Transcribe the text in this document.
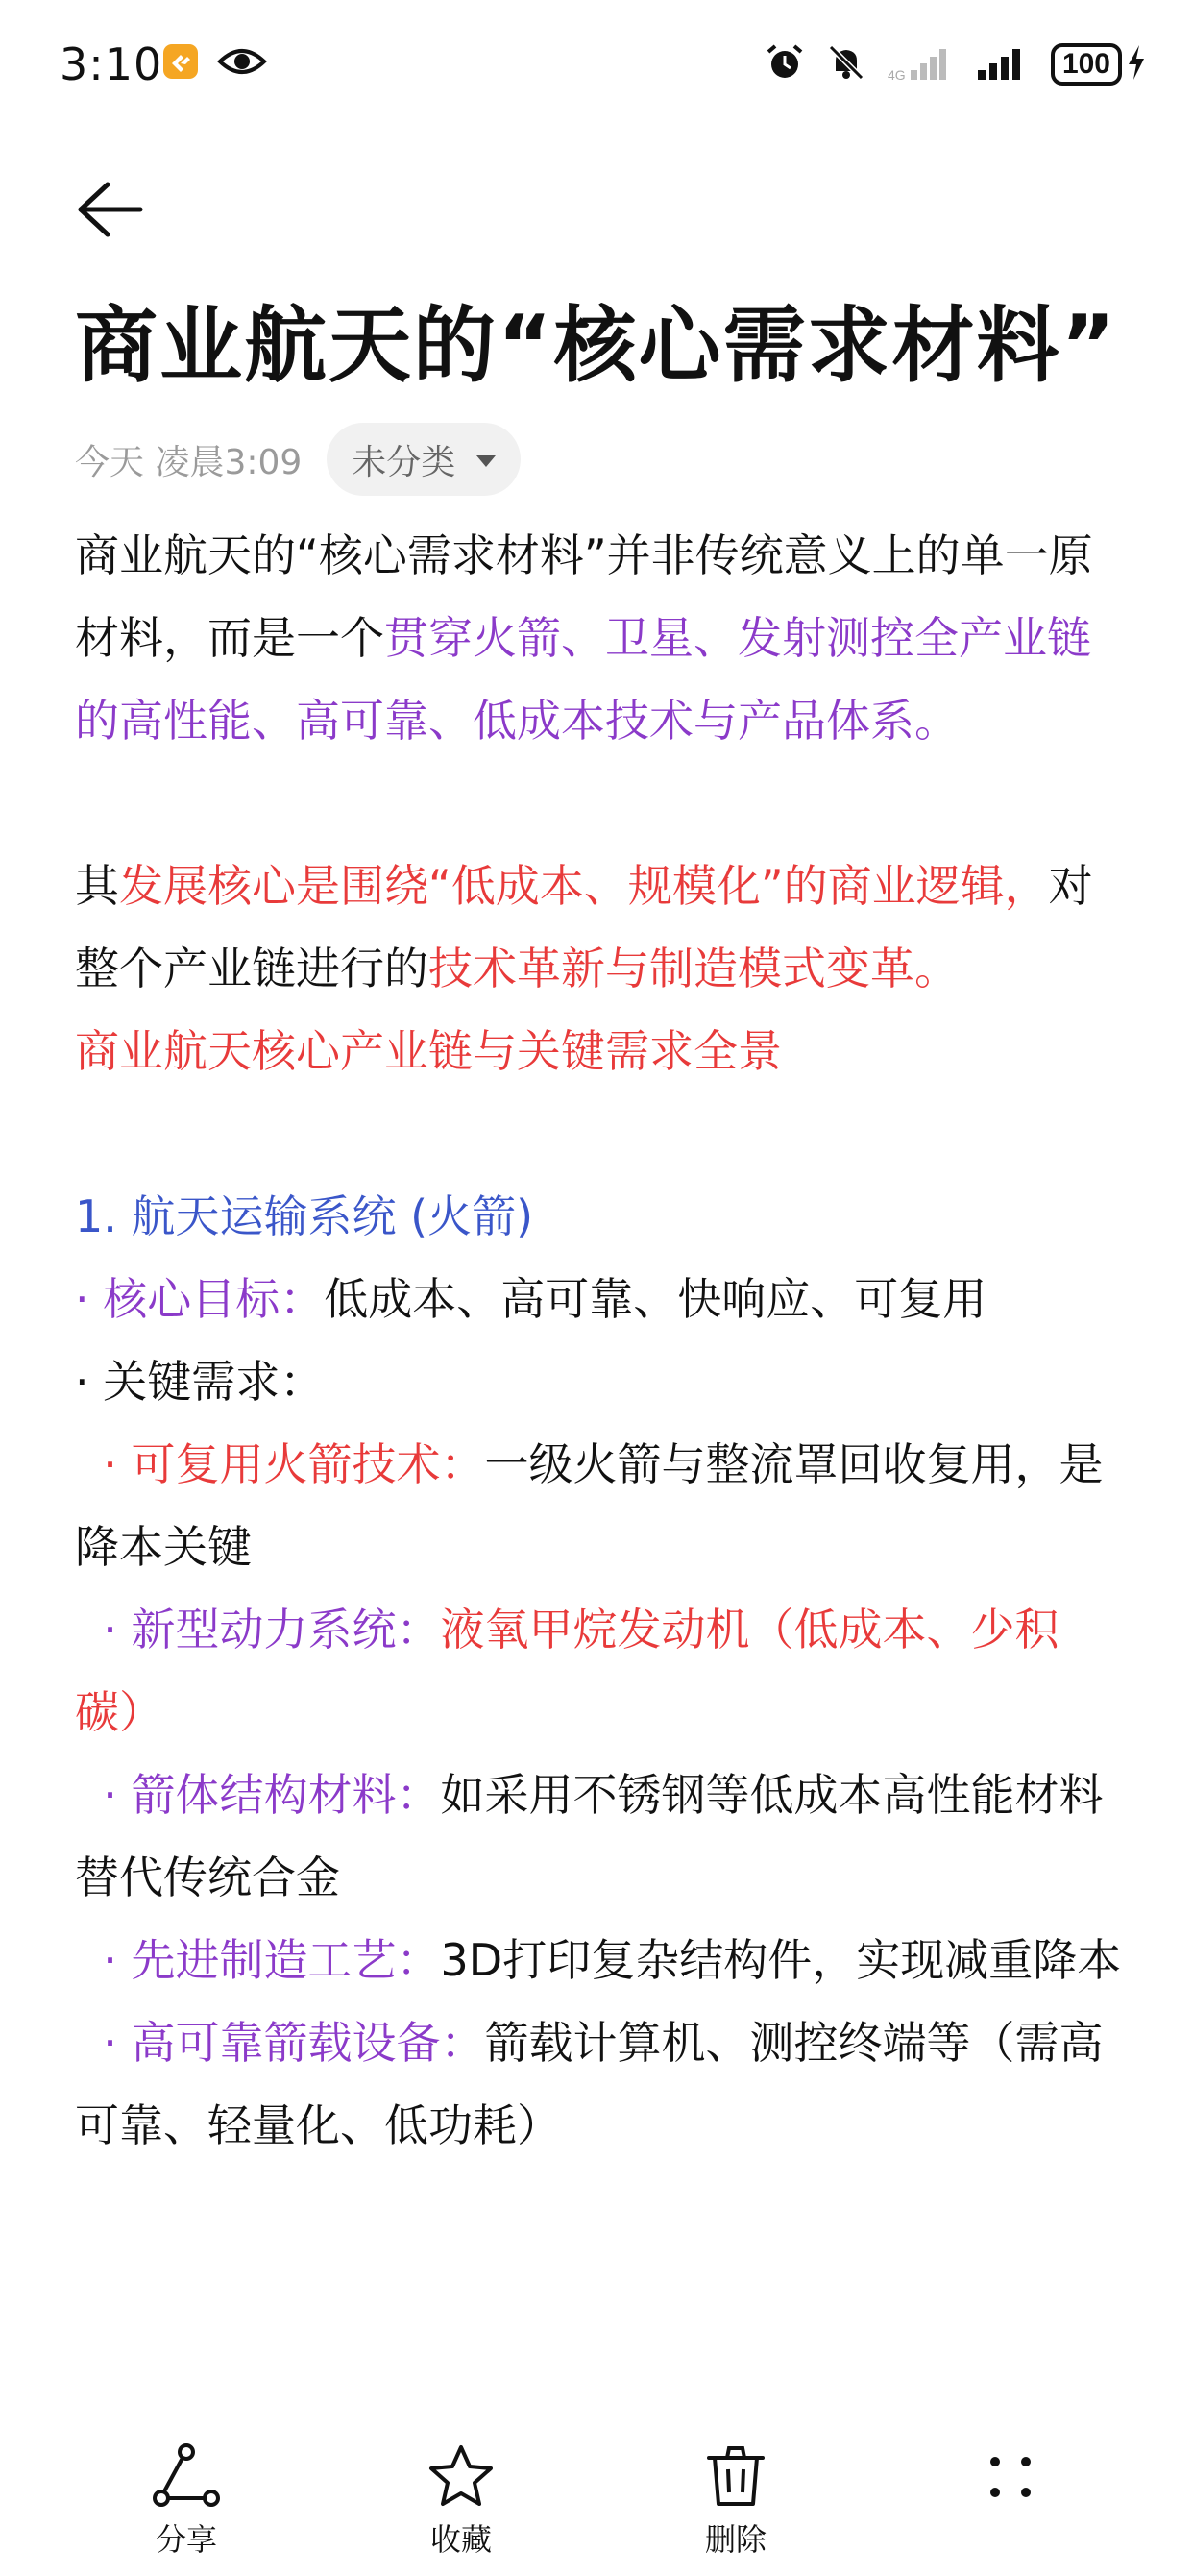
3:10	4G	100
商业航天的“核心需求材料”
今天 凌晨3:09 未分类

商业航天的“核心需求材料”并非传统意义上的单一原材料，而是一个贯穿火箭、卫星、发射测控全产业链的高性能、高可靠、低成本技术与产品体系。

其发展核心是围绕“低成本、规模化”的商业逻辑，对整个产业链进行的技术革新与制造模式变革。

商业航天核心产业链与关键需求全景

1. 航天运输系统 (火箭)

· 核心目标：低成本、高可靠、快响应、可复用

· 关键需求：

· 可复用火箭技术：一级火箭与整流罩回收复用，是降本关键

· 新型动力系统：液氧甲烷发动机（低成本、少积碳）

· 箭体结构材料：如采用不锈钢等低成本高性能材料替代传统合金

· 先进制造工艺：3D打印复杂结构件，实现减重降本

· 高可靠箭载设备：箭载计算机、测控终端等（需高可靠、轻量化、低功耗）

分享	收藏	删除
